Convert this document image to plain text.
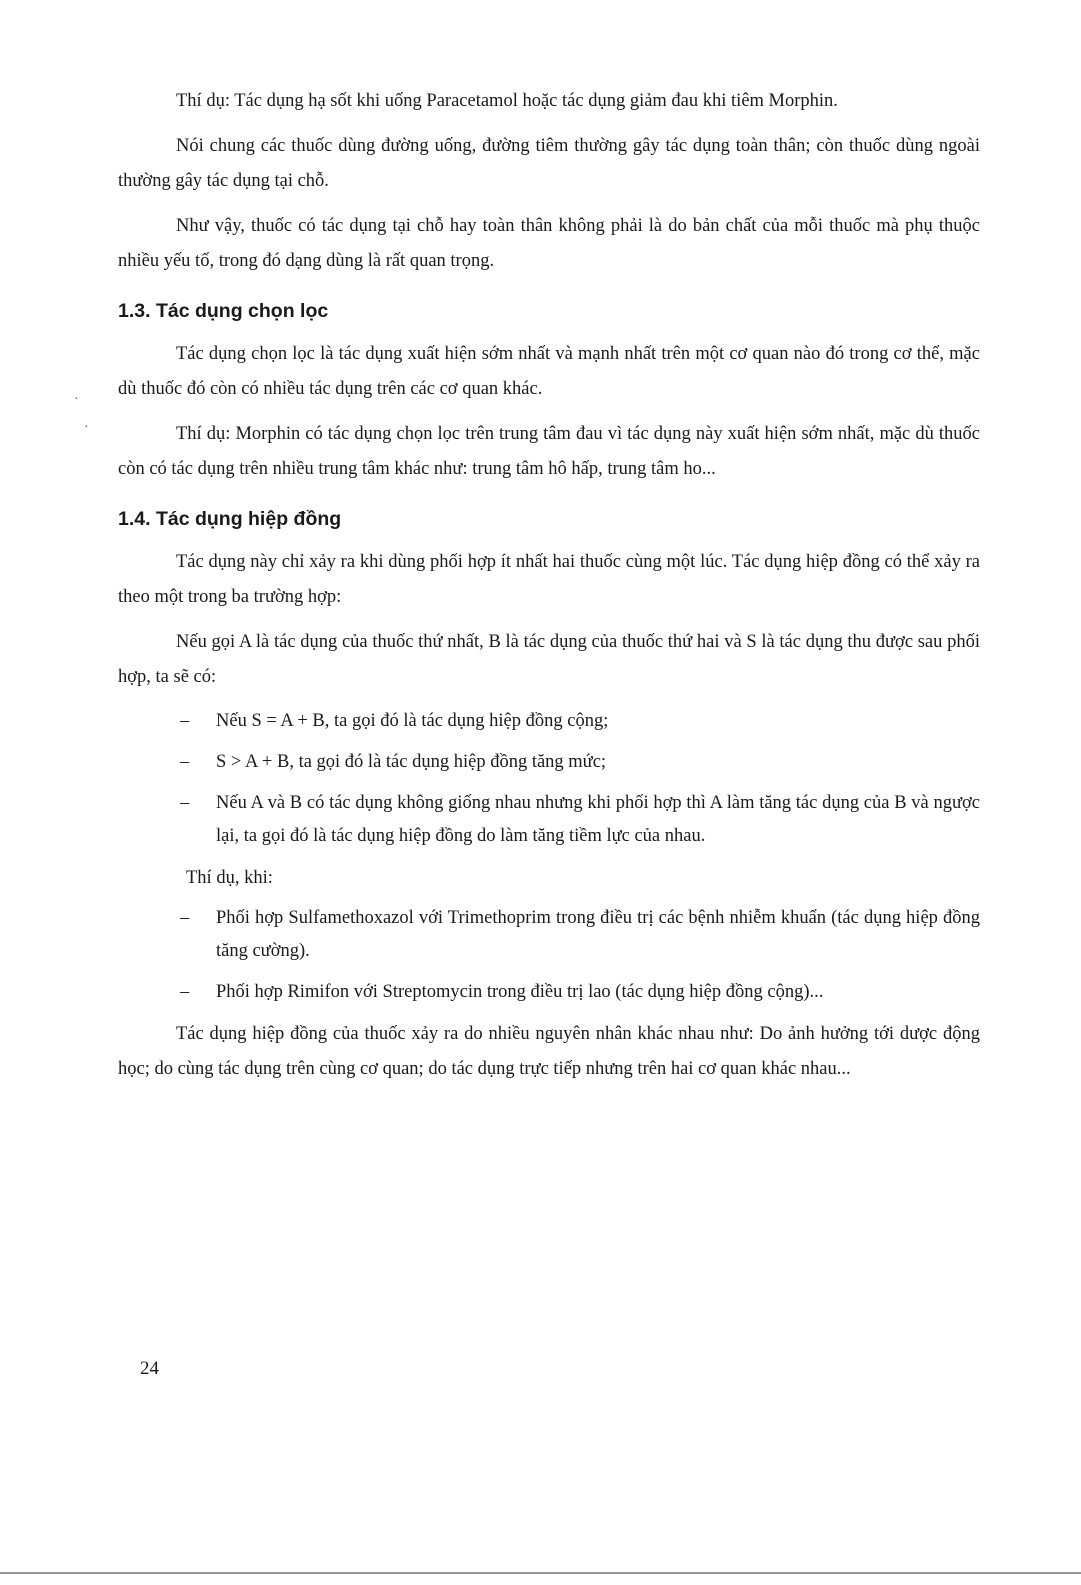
·
·

Thí dụ: Tác dụng hạ sốt khi uống Paracetamol hoặc tác dụng giảm đau khi tiêm Morphin.

Nói chung các thuốc dùng đường uống, đường tiêm thường gây tác dụng toàn thân; còn thuốc dùng ngoài thường gây tác dụng tại chỗ.

Như vậy, thuốc có tác dụng tại chỗ hay toàn thân không phải là do bản chất của mỗi thuốc mà phụ thuộc nhiều yếu tố, trong đó dạng dùng là rất quan trọng.

1.3. Tác dụng chọn lọc

Tác dụng chọn lọc là tác dụng xuất hiện sớm nhất và mạnh nhất trên một cơ quan nào đó trong cơ thể, mặc dù thuốc đó còn có nhiều tác dụng trên các cơ quan khác.

Thí dụ: Morphin có tác dụng chọn lọc trên trung tâm đau vì tác dụng này xuất hiện sớm nhất, mặc dù thuốc còn có tác dụng trên nhiều trung tâm khác như: trung tâm hô hấp, trung tâm ho...

1.4. Tác dụng hiệp đồng

Tác dụng này chỉ xảy ra khi dùng phối hợp ít nhất hai thuốc cùng một lúc. Tác dụng hiệp đồng có thể xảy ra theo một trong ba trường hợp:

Nếu gọi A là tác dụng của thuốc thứ nhất, B là tác dụng của thuốc thứ hai và S là tác dụng thu được sau phối hợp, ta sẽ có:

– Nếu S = A + B, ta gọi đó là tác dụng hiệp đồng cộng;
– S > A + B, ta gọi đó là tác dụng hiệp đồng tăng mức;
– Nếu A và B có tác dụng không giống nhau nhưng khi phối hợp thì A làm tăng tác dụng của B và ngược lại, ta gọi đó là tác dụng hiệp đồng do làm tăng tiềm lực của nhau.

Thí dụ, khi:

– Phối hợp Sulfamethoxazol với Trimethoprim trong điều trị các bệnh nhiễm khuẩn (tác dụng hiệp đồng tăng cường).
– Phối hợp Rimifon với Streptomycin trong điều trị lao (tác dụng hiệp đồng cộng)...

Tác dụng hiệp đồng của thuốc xảy ra do nhiều nguyên nhân khác nhau như: Do ảnh hưởng tới dược động học; do cùng tác dụng trên cùng cơ quan; do tác dụng trực tiếp nhưng trên hai cơ quan khác nhau...

24
